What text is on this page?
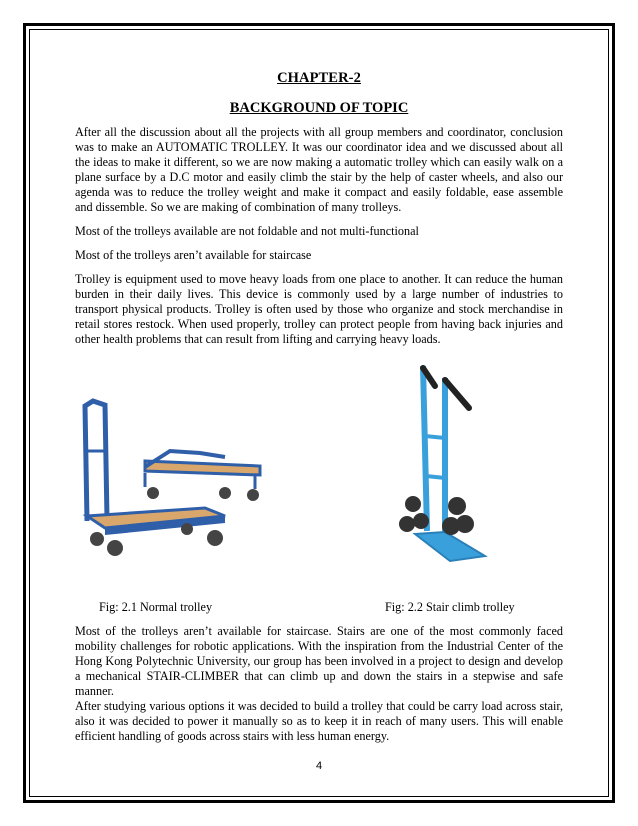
CHAPTER-2
BACKGROUND OF TOPIC

After all the discussion about all the projects with all group members and coordinator, conclusion was to make an AUTOMATIC TROLLEY. It was our coordinator idea and we discussed about all the ideas to make it different, so we are now making a automatic trolley which can easily walk on a plane surface by a D.C motor and easily climb the stair by the help of caster wheels, and also our agenda was to reduce the trolley weight and make it compact and easily foldable, ease assemble and dissemble. So we are making of combination of many trolleys.

Most of the trolleys available are not foldable and not multi-functional

Most of the trolleys aren’t available for staircase

Trolley is equipment used to move heavy loads from one place to another. It can reduce the human burden in their daily lives. This device is commonly used by a large number of industries to transport physical products. Trolley is often used by those who organize and stock merchandise in retail stores restock. When used properly, trolley can protect people from having back injuries and other health problems that can result from lifting and carrying heavy loads.

Fig: 2.1 Normal trolley	Fig: 2.2 Stair climb trolley

Most of the trolleys aren’t available for staircase. Stairs are one of the most commonly faced mobility challenges for robotic applications. With the inspiration from the Industrial Center of the Hong Kong Polytechnic University, our group has been involved in a project to design and develop a mechanical STAIR-CLIMBER that can climb up and down the stairs in a stepwise and safe manner.

After studying various options it was decided to build a trolley that could be carry load across stair, also it was decided to power it manually so as to keep it in reach of many users. This will enable efficient handling of goods across stairs with less human energy.

4
